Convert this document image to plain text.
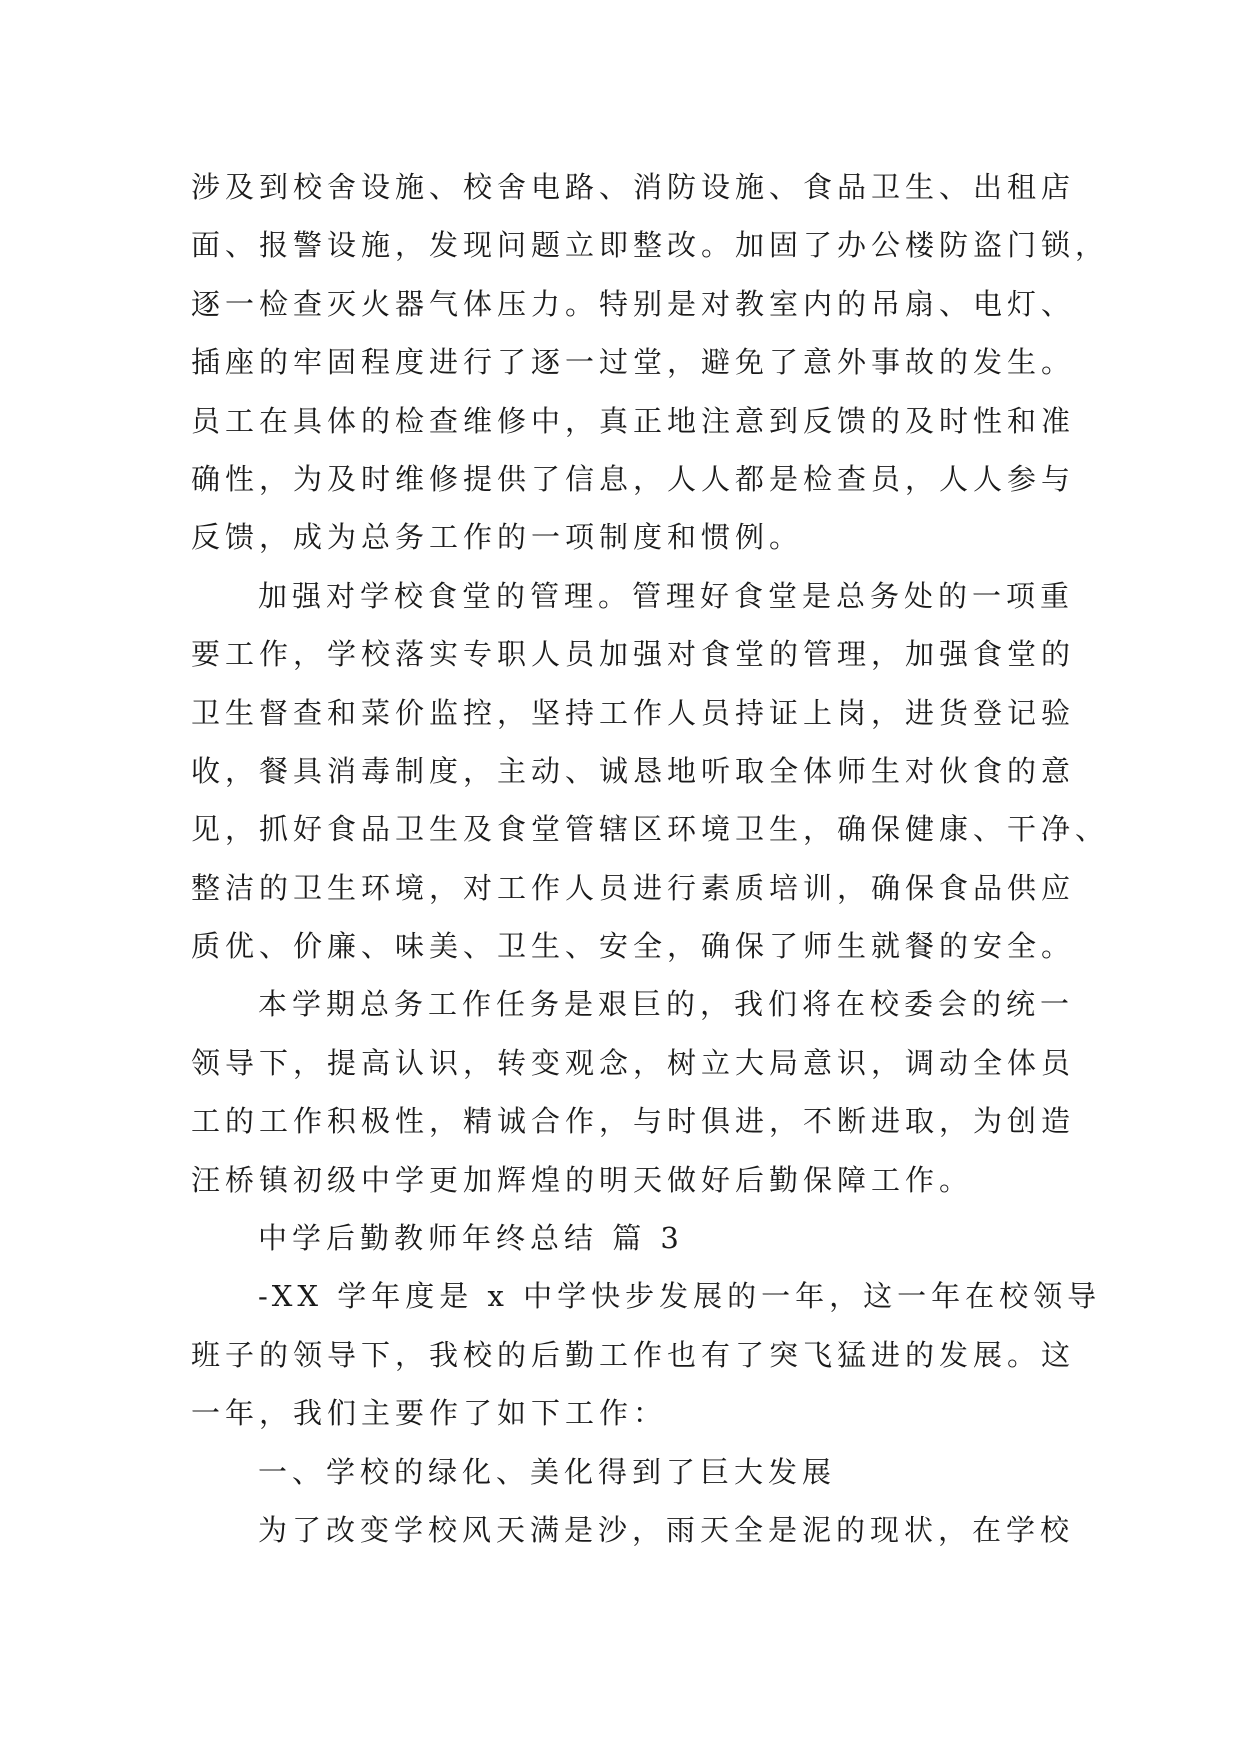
涉及到校舍设施、校舍电路、消防设施、食品卫生、出租店
面、报警设施，发现问题立即整改。加固了办公楼防盗门锁，
逐一检查灭火器气体压力。特别是对教室内的吊扇、电灯、
插座的牢固程度进行了逐一过堂，避免了意外事故的发生。
员工在具体的检查维修中，真正地注意到反馈的及时性和准
确性，为及时维修提供了信息，人人都是检查员，人人参与
反馈，成为总务工作的一项制度和惯例。
加强对学校食堂的管理。管理好食堂是总务处的一项重
要工作，学校落实专职人员加强对食堂的管理，加强食堂的
卫生督查和菜价监控，坚持工作人员持证上岗，进货登记验
收，餐具消毒制度，主动、诚恳地听取全体师生对伙食的意
见，抓好食品卫生及食堂管辖区环境卫生，确保健康、干净、
整洁的卫生环境，对工作人员进行素质培训，确保食品供应
质优、价廉、味美、卫生、安全，确保了师生就餐的安全。
本学期总务工作任务是艰巨的，我们将在校委会的统一
领导下，提高认识，转变观念，树立大局意识，调动全体员
工的工作积极性，精诚合作，与时俱进，不断进取，为创造
汪桥镇初级中学更加辉煌的明天做好后勤保障工作。
中学后勤教师年终总结 篇 3
-XX 学年度是 x 中学快步发展的一年，这一年在校领导
班子的领导下，我校的后勤工作也有了突飞猛进的发展。这
一年，我们主要作了如下工作：
一、学校的绿化、美化得到了巨大发展
为了改变学校风天满是沙，雨天全是泥的现状，在学校
